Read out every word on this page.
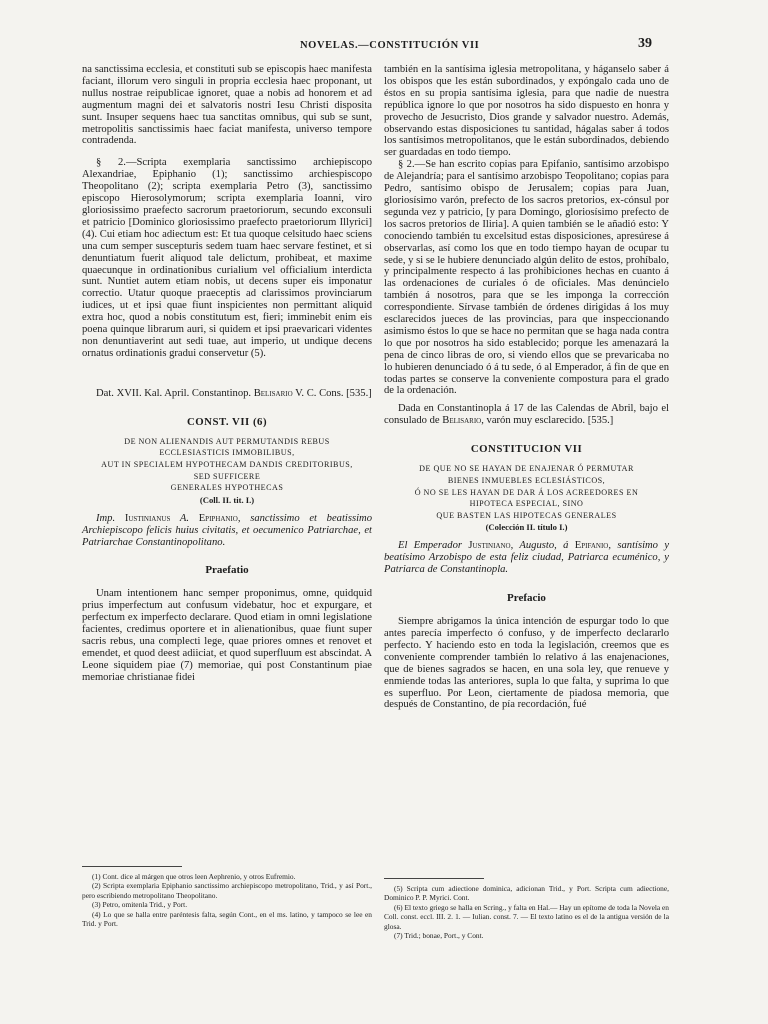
NOVELAS.—CONSTITUCIÓN VII	39

na sanctissima ecclesia, et constituti sub se episcopis haec manifesta faciant, illorum vero singuli in propria ecclesia haec proponant, ut nullus nostrae reipublicae ignoret, quae a nobis ad honorem et ad augmentum magni dei et salvatoris nostri Iesu Christi disposita sunt. Insuper sequens haec tua sanctitas omnibus, qui sub se sunt, metropolitis sanctissimis haec faciat manifesta, universo tempore contradenda.

§ 2.—Scripta exemplaria sanctissimo archiepiscopo Alexandriae, Epiphanio (1); sanctissimo archiespiscopo Theopolitano (2); scripta exemplaria Petro (3), sanctissimo episcopo Hierosolymorum; scripta exemplaria Ioanni, viro gloriosissimo praefecto sacrorum praetoriorum, secundo exconsuli et patricio [Dominico gloriosissimo praefecto praetoriorum Illyrici] (4). Cui etiam hoc adiectum est: Et tua quoque celsitudo haec sciens una cum semper suscepturis sedem tuam haec servare festinet, et si denuntiatum fuerit aliquod tale delictum, prohibeat, et maxime quaecunque in ordinationibus curialium vel officialium interdicta sunt. Nuntiet autem etiam nobis, ut decens super eis imponatur correctio. Utatur quoque praeceptis ad clarissimos provinciarum iudices, ut et ipsi quae fiunt inspicientes non permittant aliquid extra hoc, quod a nobis constitutum est, fieri; imminebit enim eis poena quinque librarum auri, si quidem et ipsi praevaricari videntes non denuntiaverint aut sedi tuae, aut imperio, ut undique decens ornatus ordinationis gradui conservetur (5).

Dat. XVII. Kal. April. Constantinop. Belisario V. C. Cons. [535.]

CONST. VII (6)
DE NON ALIENANDIS AUT PERMUTANDIS REBUS
ECCLESIASTICIS IMMOBILIBUS,
AUT IN SPECIALEM HYPOTHECAM DANDIS CREDITORIBUS,
SED SUFFICERE
GENERALES HYPOTHECAS
(Coll. II. tit. I.)

Imp. Iustinianus A. Epiphanio, sanctissimo et beatissimo Archiepiscopo felicis huius civitatis, et oecumenico Patriarchae, et Patriarchae Constantinopolitano.

Praefatio

Unam intentionem hanc semper proponimus, omne, quidquid prius imperfectum aut confusum videbatur, hoc et expurgare, et perfectum ex imperfecto declarare. Quod etiam in omni legislatione facientes, credimus oportere et in alienationibus, quae fiunt super sacris rebus, una complecti lege, quae priores omnes et renovet et emendet, et quod deest adiiciat, et quod superfluum est abscindat. A Leone siquidem piae (7) memoriae, qui post Constantinum piae memoriae christianae fidei

también en la santísima iglesia metropolitana, y háganselo saber á los obispos que les están subordinados, y expóngalo cada uno de éstos en su propia santísima iglesia, para que nadie de nuestra república ignore lo que por nosotros ha sido dispuesto en honra y provecho de Jesucristo, Dios grande y salvador nuestro. Además, observando estas disposiciones tu santidad, hágalas saber á todos los santísimos metropolitanos, que le están subordinados, debiendo ser guardadas en todo tiempo.

§ 2.—Se han escrito copias para Epifanio, santísimo arzobispo de Alejandría; para el santísimo arzobispo Teopolitano; copias para Pedro, santísimo obispo de Jerusalem; copias para Juan, gloriosísimo varón, prefecto de los sacros pretorios, ex-cónsul por segunda vez y patricio, [y para Domingo, gloriosísimo prefecto de los sacros pretorios de Iliria]. A quien también se le añadió esto: Y conociendo también tu excelsitud estas disposiciones, apresúrese á observarlas, así como los que en todo tiempo hayan de ocupar tu sede, y si se le hubiere denunciado algún delito de estos, prohíbalo, y principalmente respecto á las prohibiciones hechas en cuanto á las ordenaciones de curiales ó de oficiales. Mas denúncielo también á nosotros, para que se les imponga la corrección correspondiente. Sírvase también de órdenes dirigidas á los muy esclarecidos jueces de las provincias, para que inspeccionando asimismo éstos lo que se hace no permitan que se haga nada contra lo que por nosotros ha sido establecido; porque les amenazará la pena de cinco libras de oro, si viendo ellos que se prevaricaba no lo hubieren denunciado ó á tu sede, ó al Emperador, á fin de que en todas partes se conserve la conveniente compostura para el grado de la ordenación.

Dada en Constantinopla á 17 de las Calendas de Abril, bajo el consulado de Belisario, varón muy esclarecido. [535.]

CONSTITUCION VII
DE QUE NO SE HAYAN DE ENAJENAR Ó PERMUTAR
BIENES INMUEBLES ECLESIÁSTICOS,
Ó NO SE LES HAYAN DE DAR Á LOS ACREEDORES EN
HIPOTECA ESPECIAL, SINO
QUE BASTEN LAS HIPOTECAS GENERALES
(Colección II. título I.)

El Emperador Justiniano, Augusto, á Epifanio, santísimo y beatísimo Arzobispo de esta feliz ciudad, Patriarca ecuménico, y Patriarca de Constantinopla.

Prefacio

Siempre abrigamos la única intención de espurgar todo lo que antes parecía imperfecto ó confuso, y de imperfecto declararlo perfecto. Y haciendo esto en toda la legislación, creemos que es conveniente comprender también lo relativo á las enajenaciones, que de bienes sagrados se hacen, en una sola ley, que renueve y enmiende todas las anteriores, supla lo que falta, y suprima lo que es superfluo. Por Leon, ciertamente de piadosa memoria, que después de Constantino, de pía recordación, fué

(1) Cont. dice al márgen que otros leen Aephrenio, y otros Eufremio.

(2) Scripta exemplaria Epiphanio sanctissimo archiepiscopo metropolitano, Trid., y así Port., pero escribiendo metropolitano Theopolitano.

(3) Petro, omitenla Trid., y Port.

(4) Lo que se halla entre paréntesis falta, según Cont., en el ms. latino, y tampoco se lee en Trid. y Port.

(5) Scripta cum adiectione dominica, adicionan Trid., y Port. Scripta cum adiectione, Dominico P. P. Myrici. Cont.

(6) El texto griego se halla en Scring., y falta en Hal.— Hay un epítome de toda la Novela en Coll. const. eccl. III. 2. 1. — Iulian. const. 7. — El texto latino es el de la antigua versión de la glosa.

(7) Trid.; bonae, Port., y Cont.
